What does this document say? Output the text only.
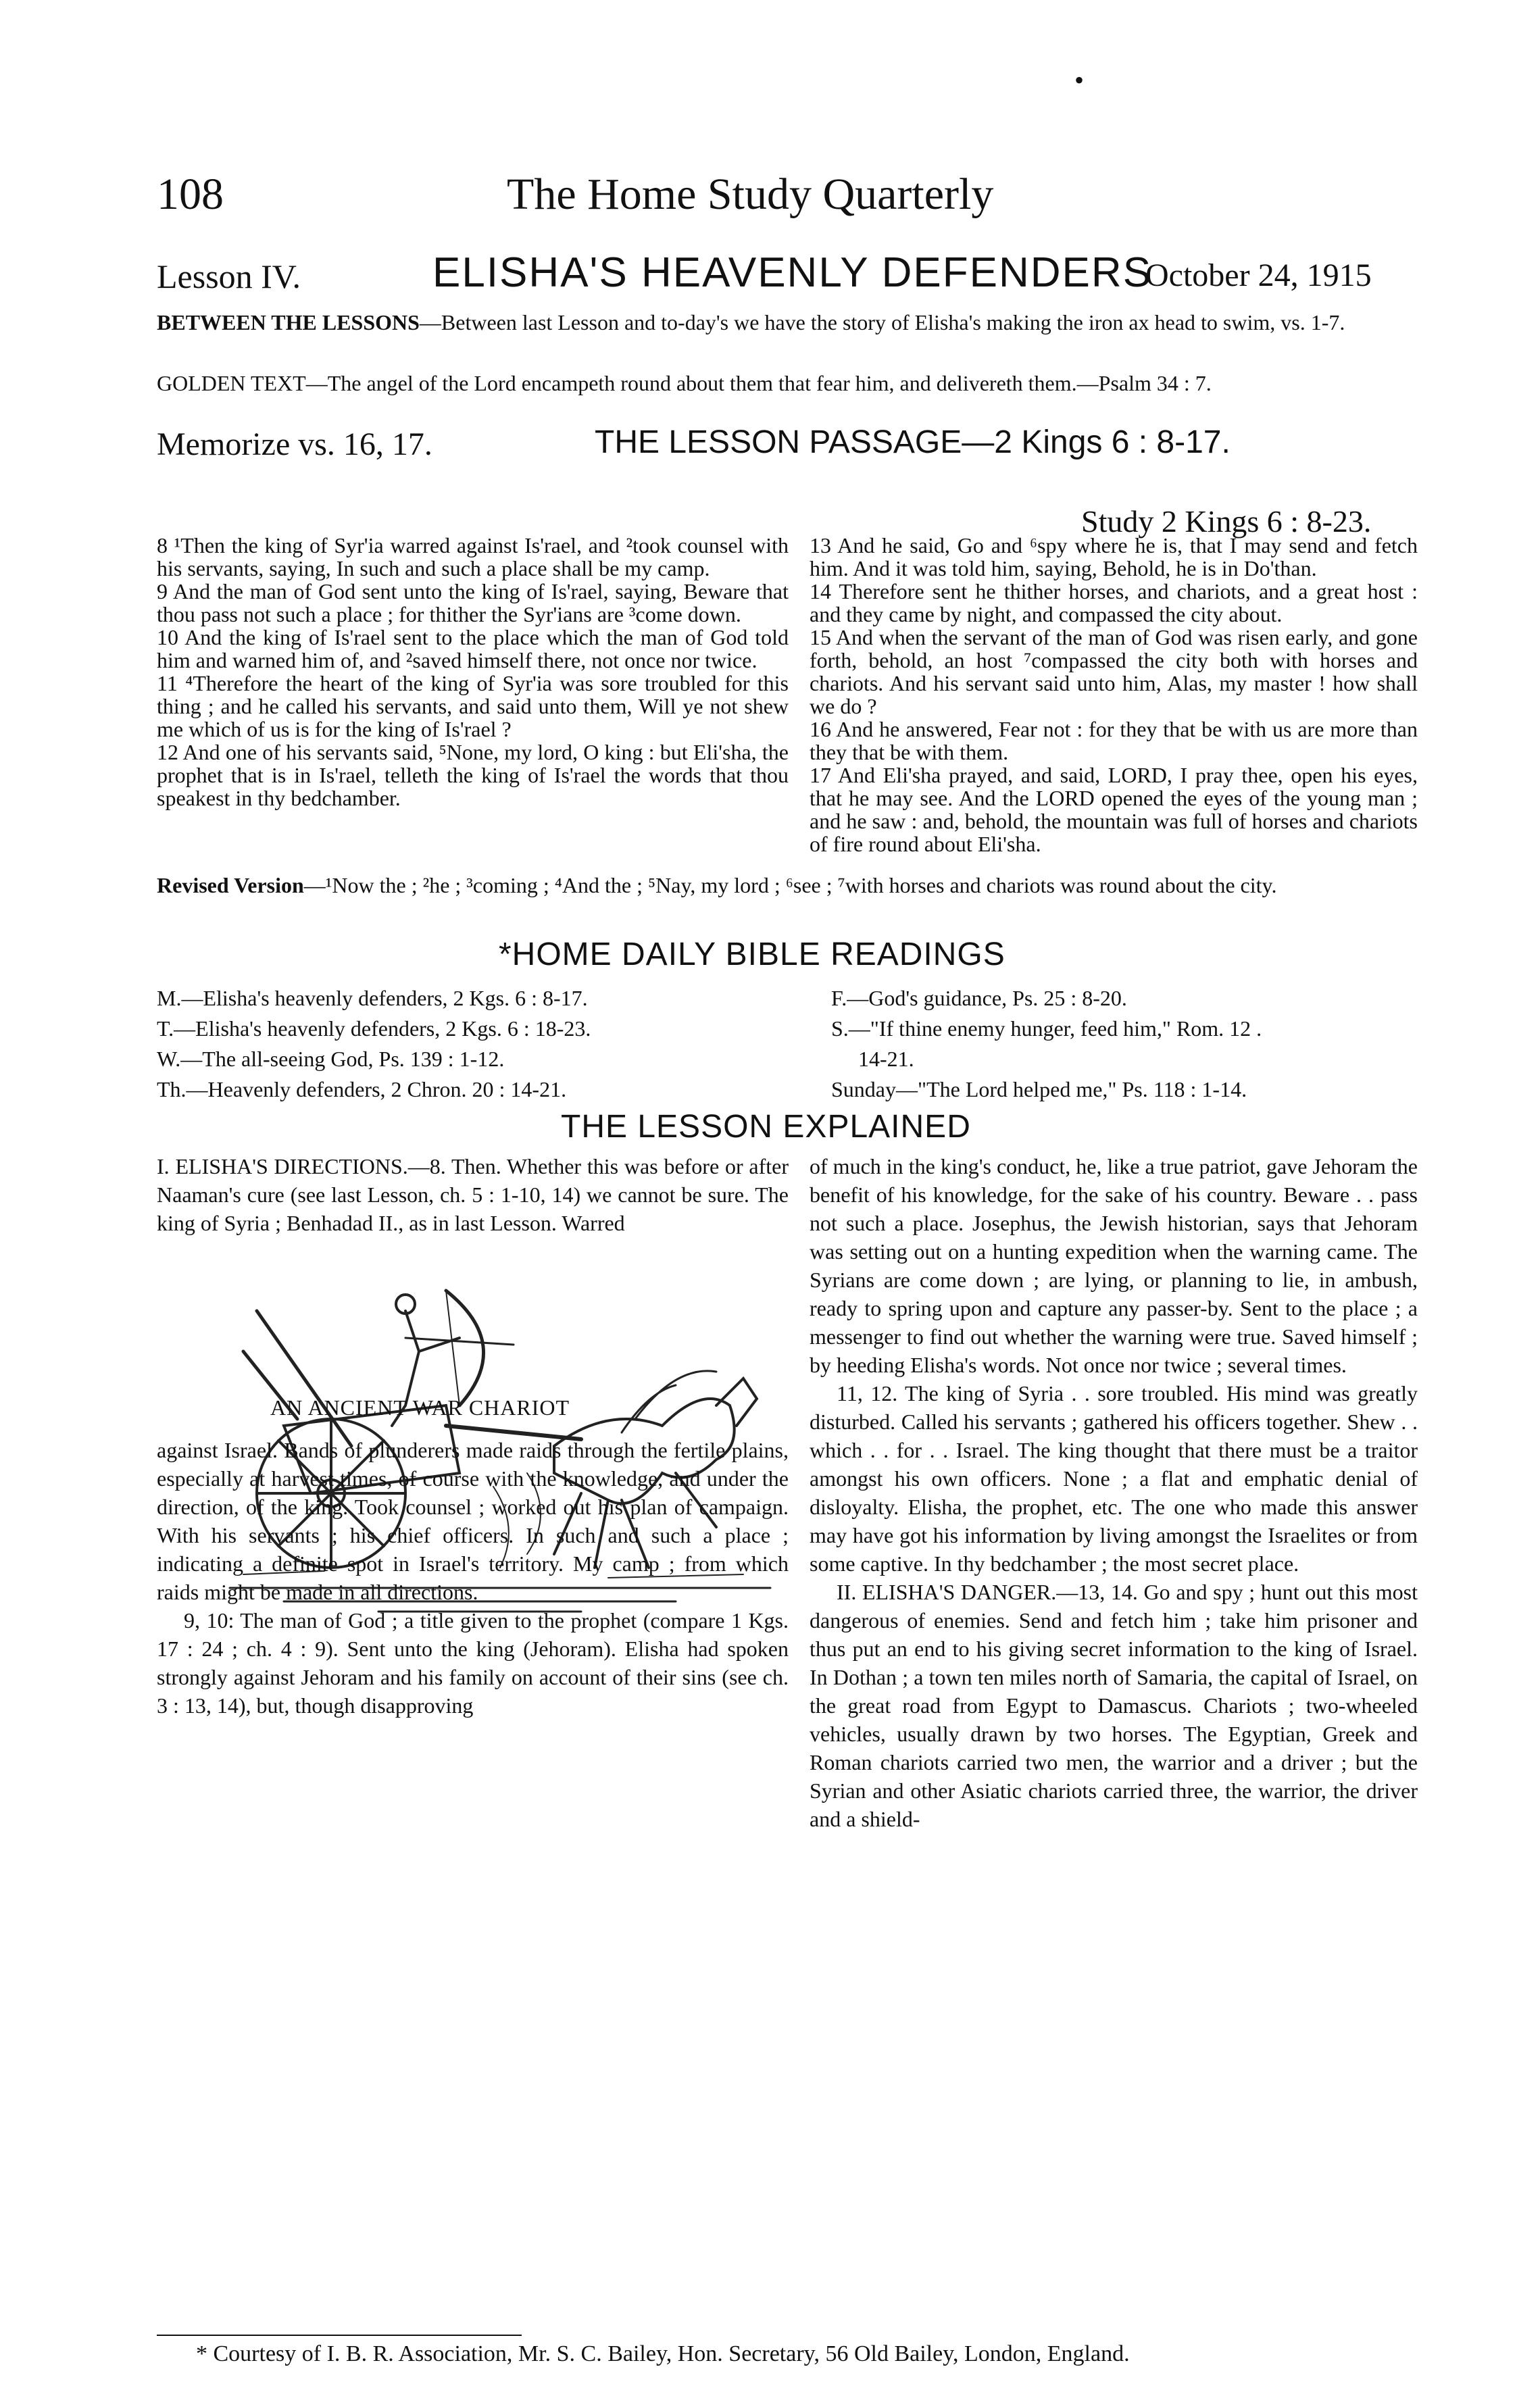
•
108	The Home Study Quarterly
Lesson IV.	ELISHA'S HEAVENLY DEFENDERS
October 24, 1915
BETWEEN THE LESSONS—Between last Lesson and to-day's we have the story of Elisha's making the iron ax head to swim, vs. 1-7.
GOLDEN TEXT—The angel of the Lord encampeth round about them that fear him, and delivereth them.—Psalm 34 : 7.
Memorize vs. 16, 17.	THE LESSON PASSAGE—2 Kings 6 : 8-17.
Study 2 Kings 6 : 8-23.

8 ¹Then the king of Syr'ia warred against Is'rael, and ²took counsel with his servants, saying, In such and such a place shall be my camp.

9 And the man of God sent unto the king of Is'rael, saying, Beware that thou pass not such a place ; for thither the Syr'ians are ³come down.

10 And the king of Is'rael sent to the place which the man of God told him and warned him of, and ²saved himself there, not once nor twice.

11 ⁴Therefore the heart of the king of Syr'ia was sore troubled for this thing ; and he called his servants, and said unto them, Will ye not shew me which of us is for the king of Is'rael ?

12 And one of his servants said, ⁵None, my lord, O king : but Eli'sha, the prophet that is in Is'rael, telleth the king of Is'rael the words that thou speakest in thy bedchamber.

13 And he said, Go and ⁶spy where he is, that I may send and fetch him. And it was told him, saying, Behold, he is in Do'than.

14 Therefore sent he thither horses, and chariots, and a great host : and they came by night, and compassed the city about.

15 And when the servant of the man of God was risen early, and gone forth, behold, an host ⁷compassed the city both with horses and chariots. And his servant said unto him, Alas, my master ! how shall we do ?

16 And he answered, Fear not : for they that be with us are more than they that be with them.

17 And Eli'sha prayed, and said, LORD, I pray thee, open his eyes, that he may see. And the LORD opened the eyes of the young man ; and he saw : and, behold, the mountain was full of horses and chariots of fire round about Eli'sha.

Revised Version—¹Now the ; ²he ; ³coming ; ⁴And the ; ⁵Nay, my lord ; ⁶see ; ⁷with horses and chariots was round about the city.
*HOME DAILY BIBLE READINGS
M.—Elisha's heavenly defenders, 2 Kgs. 6 : 8-17.
T.—Elisha's heavenly defenders, 2 Kgs. 6 : 18-23.
W.—The all-seeing God, Ps. 139 : 1-12.
Th.—Heavenly defenders, 2 Chron. 20 : 14-21.
F.—God's guidance, Ps. 25 : 8-20.
S.—"If thine enemy hunger, feed him," Rom. 12 .
14-21.
Sunday—"The Lord helped me," Ps. 118 : 1-14.
THE LESSON EXPLAINED

I. ELISHA'S DIRECTIONS.—8. Then. Whether this was before or after Naaman's cure (see last Lesson, ch. 5 : 1-10, 14) we cannot be sure. The king of Syria ; Benhadad II., as in last Lesson. Warred

AN ANCIENT WAR CHARIOT

against Israel. Bands of plunderers made raids through the fertile plains, especially at harvest times, of course with the knowledge, and under the direction, of the king. Took counsel ; worked out his plan of campaign. With his servants ; his chief officers. In such and such a place ; indicating a definite spot in Israel's territory. My camp ; from which raids might be made in all directions.

9, 10: The man of God ; a title given to the prophet (compare 1 Kgs. 17 : 24 ; ch. 4 : 9). Sent unto the king (Jehoram). Elisha had spoken strongly against Jehoram and his family on account of their sins (see ch. 3 : 13, 14), but, though disapproving

of much in the king's conduct, he, like a true patriot, gave Jehoram the benefit of his knowledge, for the sake of his country. Beware . . pass not such a place. Josephus, the Jewish historian, says that Jehoram was setting out on a hunting expedition when the warning came. The Syrians are come down ; are lying, or planning to lie, in ambush, ready to spring upon and capture any passer-by. Sent to the place ; a messenger to find out whether the warning were true. Saved himself ; by heeding Elisha's words. Not once nor twice ; several times.

11, 12. The king of Syria . . sore troubled. His mind was greatly disturbed. Called his servants ; gathered his officers together. Shew . . which . . for . . Israel. The king thought that there must be a traitor amongst his own officers. None ; a flat and emphatic denial of disloyalty. Elisha, the prophet, etc. The one who made this answer may have got his information by living amongst the Israelites or from some captive. In thy bedchamber ; the most secret place.

II. ELISHA'S DANGER.—13, 14. Go and spy ; hunt out this most dangerous of enemies. Send and fetch him ; take him prisoner and thus put an end to his giving secret information to the king of Israel. In Dothan ; a town ten miles north of Samaria, the capital of Israel, on the great road from Egypt to Damascus. Chariots ; two-wheeled vehicles, usually drawn by two horses. The Egyptian, Greek and Roman chariots carried two men, the warrior and a driver ; but the Syrian and other Asiatic chariots carried three, the warrior, the driver and a shield-

* Courtesy of I. B. R. Association, Mr. S. C. Bailey, Hon. Secretary, 56 Old Bailey, London, England.
